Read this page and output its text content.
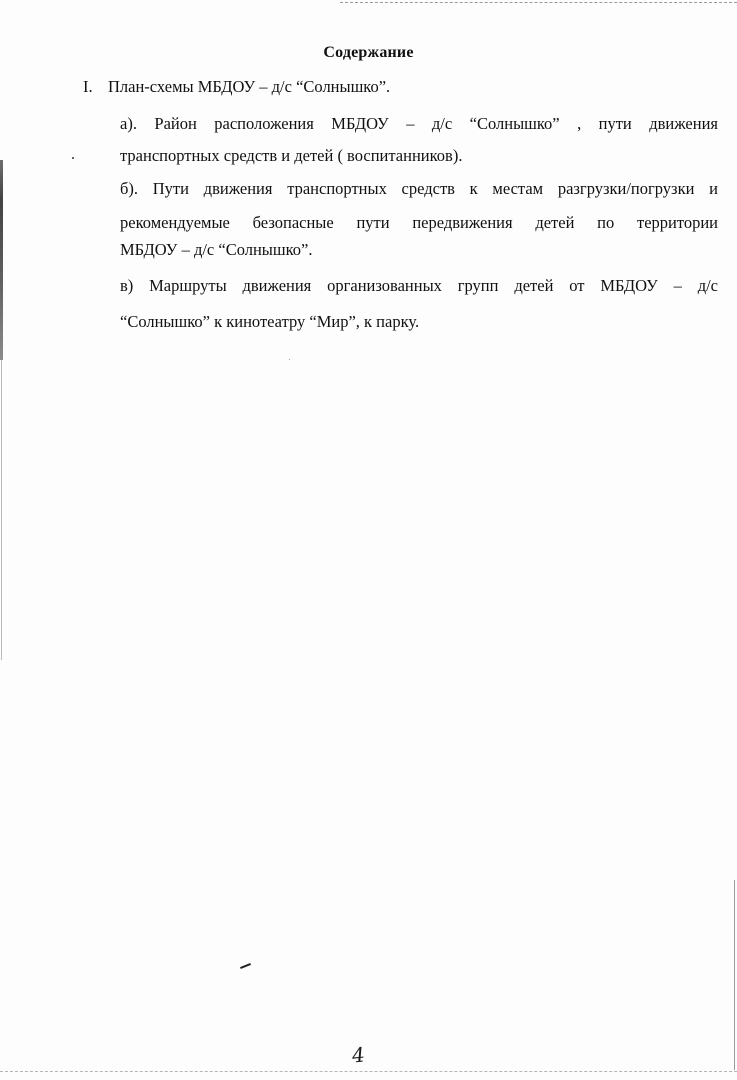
Содержание
I. План-схемы МБДОУ – д/с “Солнышко”.
а). Район расположения МБДОУ – д/с “Солнышко” , пути движения
транспортных средств и детей ( воспитанников).
б). Пути движения транспортных средств к местам разгрузки/погрузки и
рекомендуемые безопасные пути передвижения детей по территории
МБДОУ – д/с “Солнышко”.
в) Маршруты движения организованных групп детей от МБДОУ – д/с
“Солнышко” к кинотеатру “Мир”, к парку.
4
